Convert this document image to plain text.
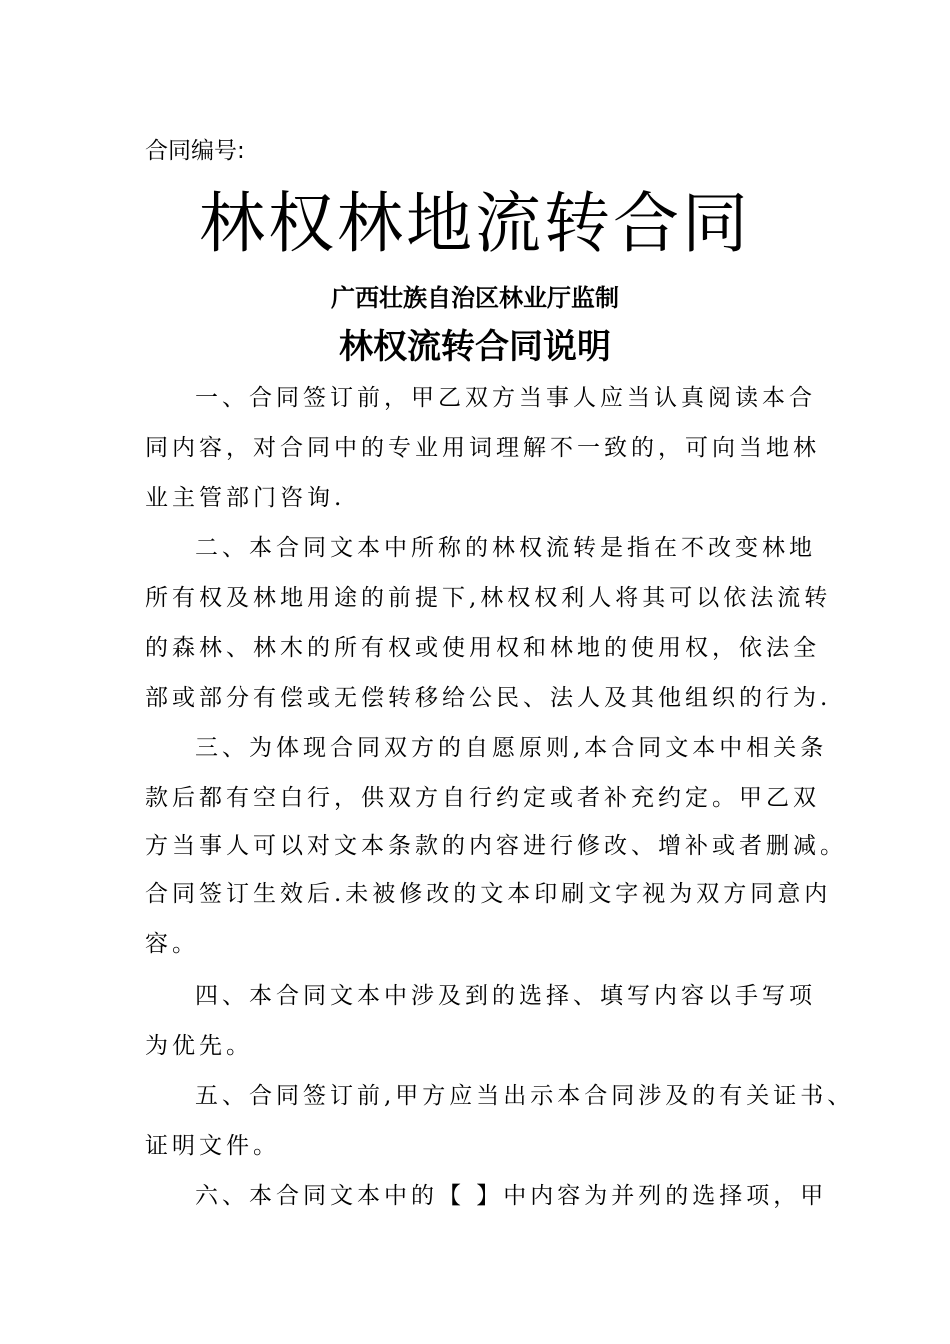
合同编号:
林权林地流转合同
广西壮族自治区林业厅监制
林权流转合同说明
一、合同签订前，甲乙双方当事人应当认真阅读本合
同内容，对合同中的专业用词理解不一致的，可向当地林
业主管部门咨询.
二、本合同文本中所称的林权流转是指在不改变林地
所有权及林地用途的前提下,林权权利人将其可以依法流转
的森林、林木的所有权或使用权和林地的使用权，依法全
部或部分有偿或无偿转移给公民、法人及其他组织的行为.
三、为体现合同双方的自愿原则,本合同文本中相关条
款后都有空白行，供双方自行约定或者补充约定。甲乙双
方当事人可以对文本条款的内容进行修改、增补或者删减。
合同签订生效后.未被修改的文本印刷文字视为双方同意内
容。
四、本合同文本中涉及到的选择、填写内容以手写项
为优先。
五、合同签订前,甲方应当出示本合同涉及的有关证书、
证明文件。
六、本合同文本中的【 】中内容为并列的选择项，甲
